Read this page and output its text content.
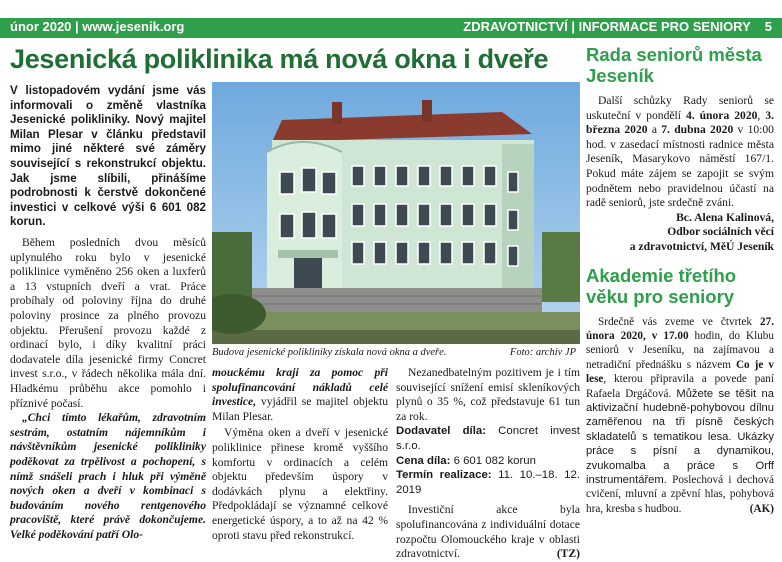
únor 2020 | www.jesenik.org	ZDRAVOTNICTVÍ | INFORMACE PRO SENIORY 5
Jesenická poliklinika má nová okna i dveře
V listopadovém vydání jsme vás informovali o změně vlastníka Jesenické polikliniky. Nový majitel Milan Plesar v článku představil mimo jiné některé své záměry související s rekonstrukcí objektu. Jak jsme slíbili, přinášíme podrobnosti k čerstvě dokončené investici v celkové výši 6 601 082 korun.

Během posledních dvou měsíců uplynulého roku bylo v jesenické poliklinice vyměněno 256 oken a luxferů a 13 vstupních dveří a vrat. Práce probíhaly od poloviny října do druhé poloviny prosince za plného provozu objektu. Přerušení provozu každé z ordinací bylo, i díky kvalitní práci dodavatele díla jesenické firmy Concret invest s.r.o., v řádech několika mála dní. Hladkému průběhu akce pomohlo i příznivé počasí.

„Chci tímto lékařům, zdravotním sestrám, ostatním nájemníkům i návštěvníkům jesenické polikliniky poděkovat za trpělivost a pochopení, s nímž snášeli prach i hluk při výměně nových oken a dveří v kombinaci s budováním nového rentgenového pracoviště, které právě dokončujeme. Velké poděkování patří Olo-

Budova jesenické polikliniky získala nová okna a dveře.	Foto: archiv JP

mouckému kraji za pomoc při spolufinancování nákladů celé investice, vyjádřil se majitel objektu Milan Plesar.

Výměna oken a dveří v jesenické poliklinice přinese kromě vyššího komfortu v ordinacích a celém objektu především úspory v dodávkách plynu a elektřiny. Předpokládají se významné celkové energetické úspory, a to až na 42 % oproti stavu před rekonstrukcí.

Nezanedbatelným pozitivem je i tím související snížení emisí skleníkových plynů o 35 %, což představuje 61 tun za rok.

Dodavatel díla: Concret invest s.r.o.

Cena díla: 6 601 082 korun

Termín realizace: 11. 10.–18. 12. 2019

Investiční akce byla spolufinancována z individuální dotace rozpočtu Olomouckého kraje v oblasti zdravotnictví.	(TZ)

Rada seniorů města Jeseník

Další schůzky Rady seniorů se uskuteční v pondělí 4. února 2020, 3. března 2020 a 7. dubna 2020 v 10:00 hod. v zasedací místnosti radnice města Jeseník, Masarykovo náměstí 167/1. Pokud máte zájem se zapojit se svým podnětem nebo pravidelnou účastí na radě seniorů, jste srdečně zváni.

Bc. Alena Kalinová,
Odbor sociálních věcí
a zdravotnictví, MěÚ Jeseník
Akademie třetího věku pro seniory

Srdečně vás zveme ve čtvrtek 27. února 2020, v 17.00 hodin, do Klubu seniorů v Jeseníku, na zajímavou a netradiční přednášku s názvem Co je v lese, kterou připravila a povede paní Rafaela Drgáčová. Můžete se těšit na aktivizační hudebně-pohybovou dílnu zaměřenou na tři písně českých skladatelů s tematikou lesa. Ukázky práce s písní a dynamikou, zvukomalba a práce s Orff instrumentářem. Poslechová i dechová cvičení, mluvní a zpěvní hlas, pohybová hra, kresba s hudbou.	(AK)
